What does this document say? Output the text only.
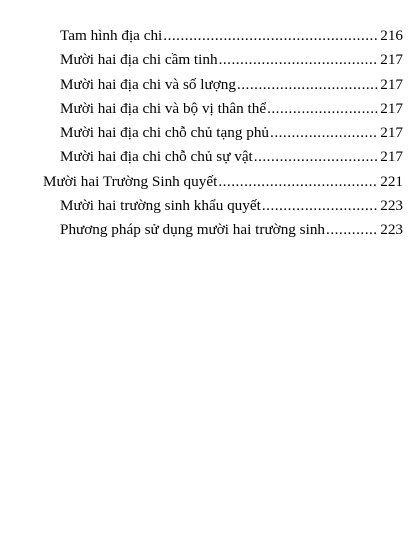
Tam hình địa chi .....	216
Mười hai địa chi cầm tinh .....	217
Mười hai địa chi và số lượng .....	217
Mười hai địa chi và bộ vị thân thể .....	217
Mười hai địa chi chỗ chủ tạng phủ .....	217
Mười hai địa chi chỗ chủ sự vật .....	217
Mười hai Trường Sinh quyết .....	221
Mười hai trường sinh khẩu quyết .....	223
Phương pháp sử dụng mười hai trường sinh .....	223
